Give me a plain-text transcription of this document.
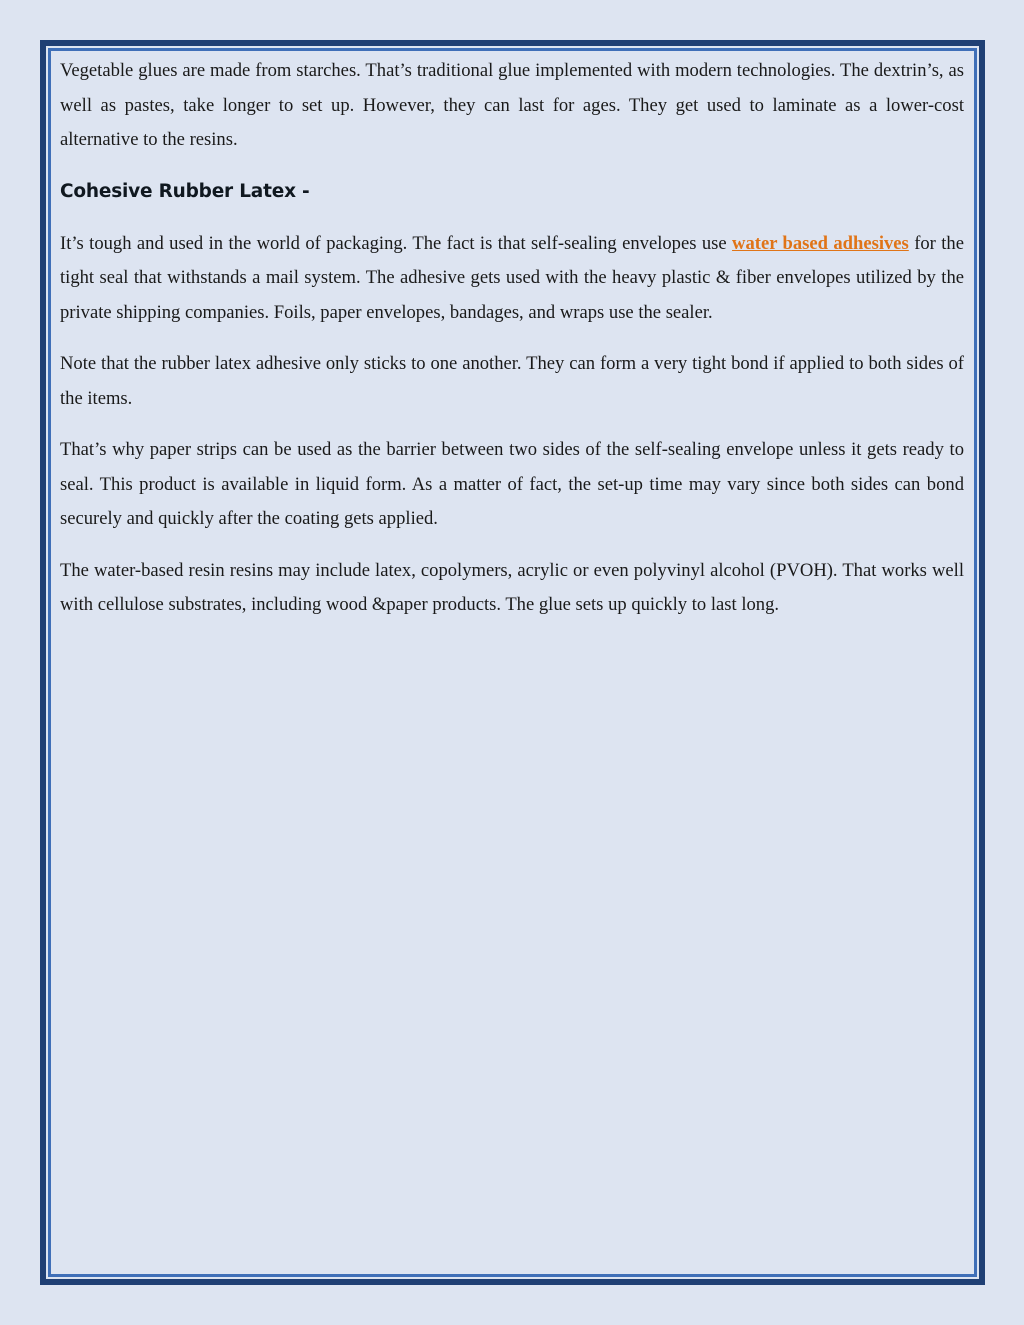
Vegetable glues are made from starches. That’s traditional glue implemented with modern technologies. The dextrin’s, as well as pastes, take longer to set up. However, they can last for ages. They get used to laminate as a lower-cost alternative to the resins.

Cohesive Rubber Latex -

It’s tough and used in the world of packaging. The fact is that self-sealing envelopes use water based adhesives for the tight seal that withstands a mail system. The adhesive gets used with the heavy plastic & fiber envelopes utilized by the private shipping companies. Foils, paper envelopes, bandages, and wraps use the sealer.

Note that the rubber latex adhesive only sticks to one another. They can form a very tight bond if applied to both sides of the items.

That’s why paper strips can be used as the barrier between two sides of the self-sealing envelope unless it gets ready to seal. This product is available in liquid form. As a matter of fact, the set-up time may vary since both sides can bond securely and quickly after the coating gets applied.

The water-based resin resins may include latex, copolymers, acrylic or even polyvinyl alcohol (PVOH). That works well with cellulose substrates, including wood &paper products. The glue sets up quickly to last long.
